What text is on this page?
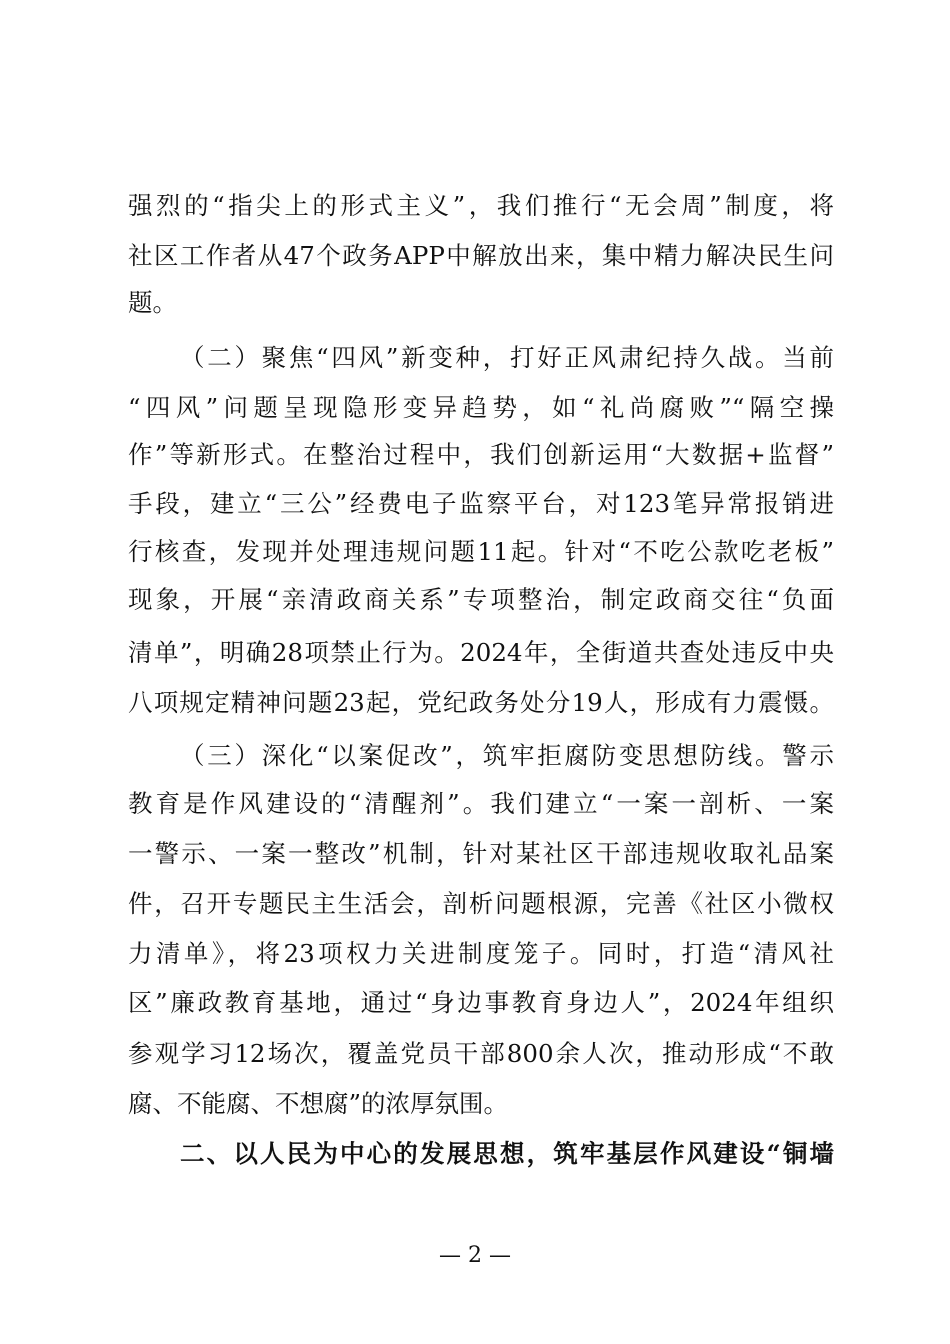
强烈的“指尖上的形式主义”，我们推行“无会周”制度，将
社区工作者从47个政务APP中解放出来，集中精力解决民生问
题。
（二）聚焦“四风”新变种，打好正风肃纪持久战。当前
“四风”问题呈现隐形变异趋势，如“礼尚腐败”“隔空操
作”等新形式。在整治过程中，我们创新运用“大数据+监督”
手段，建立“三公”经费电子监察平台，对123笔异常报销进
行核查，发现并处理违规问题11起。针对“不吃公款吃老板”
现象，开展“亲清政商关系”专项整治，制定政商交往“负面
清单”，明确28项禁止行为。2024年，全街道共查处违反中央
八项规定精神问题23起，党纪政务处分19人，形成有力震慑。
（三）深化“以案促改”，筑牢拒腐防变思想防线。警示
教育是作风建设的“清醒剂”。我们建立“一案一剖析、一案
一警示、一案一整改”机制，针对某社区干部违规收取礼品案
件，召开专题民主生活会，剖析问题根源，完善《社区小微权
力清单》，将23项权力关进制度笼子。同时，打造“清风社
区”廉政教育基地，通过“身边事教育身边人”，2024年组织
参观学习12场次，覆盖党员干部800余人次，推动形成“不敢
腐、不能腐、不想腐”的浓厚氛围。
二、以人民为中心的发展思想，筑牢基层作风建设“铜墙
— 2 —
